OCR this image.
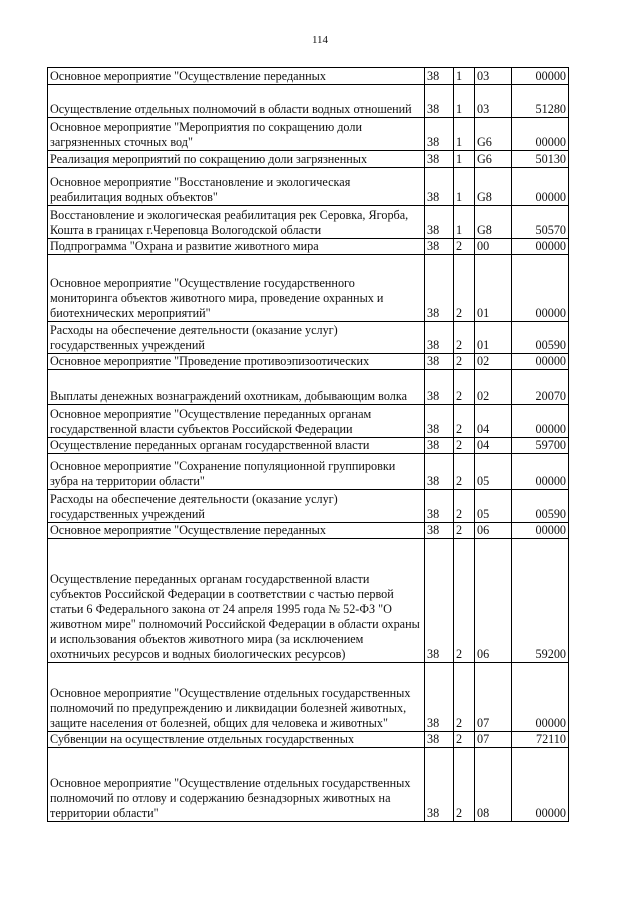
114
Основное мероприятие "Осуществление переданных	38	1	03	00000
Осуществление отдельных полномочий в области водных отношений	38	1	03	51280
Основное мероприятие "Мероприятия по сокращению доли загрязненных сточных вод"	38	1	G6	00000
Реализация мероприятий по сокращению доли загрязненных	38	1	G6	50130
Основное мероприятие "Восстановление и экологическая реабилитация водных объектов"	38	1	G8	00000
Восстановление и экологическая реабилитация рек Серовка, Ягорба, Кошта в границах г.Череповца Вологодской области	38	1	G8	50570
Подпрограмма "Охрана и развитие животного мира	38	2	00	00000
Основное мероприятие "Осуществление государственного мониторинга объектов животного мира, проведение охранных и биотехнических мероприятий"	38	2	01	00000
Расходы на обеспечение деятельности (оказание услуг) государственных учреждений	38	2	01	00590
Основное мероприятие "Проведение противоэпизоотических	38	2	02	00000
Выплаты денежных вознаграждений охотникам, добывающим волка	38	2	02	20070
Основное мероприятие "Осуществление переданных органам государственной власти субъектов Российской Федерации	38	2	04	00000
Осуществление переданных органам государственной власти	38	2	04	59700
Основное мероприятие "Сохранение популяционной группировки зубра на территории области"	38	2	05	00000
Расходы на обеспечение деятельности (оказание услуг) государственных учреждений	38	2	05	00590
Основное мероприятие "Осуществление переданных	38	2	06	00000
Осуществление переданных органам государственной власти субъектов Российской Федерации в соответствии с частью первой статьи 6 Федерального закона от 24 апреля 1995 года № 52-ФЗ "О животном мире" полномочий Российской Федерации в области охраны и использования объектов животного мира (за исключением охотничьих ресурсов и водных биологических ресурсов)	38	2	06	59200
Основное мероприятие "Осуществление отдельных государственных полномочий по предупреждению и ликвидации болезней животных, защите населения от болезней, общих для человека и животных"	38	2	07	00000
Субвенции на осуществление отдельных государственных	38	2	07	72110
Основное мероприятие "Осуществление отдельных государственных полномочий по отлову и содержанию безнадзорных животных на территории области"	38	2	08	00000
